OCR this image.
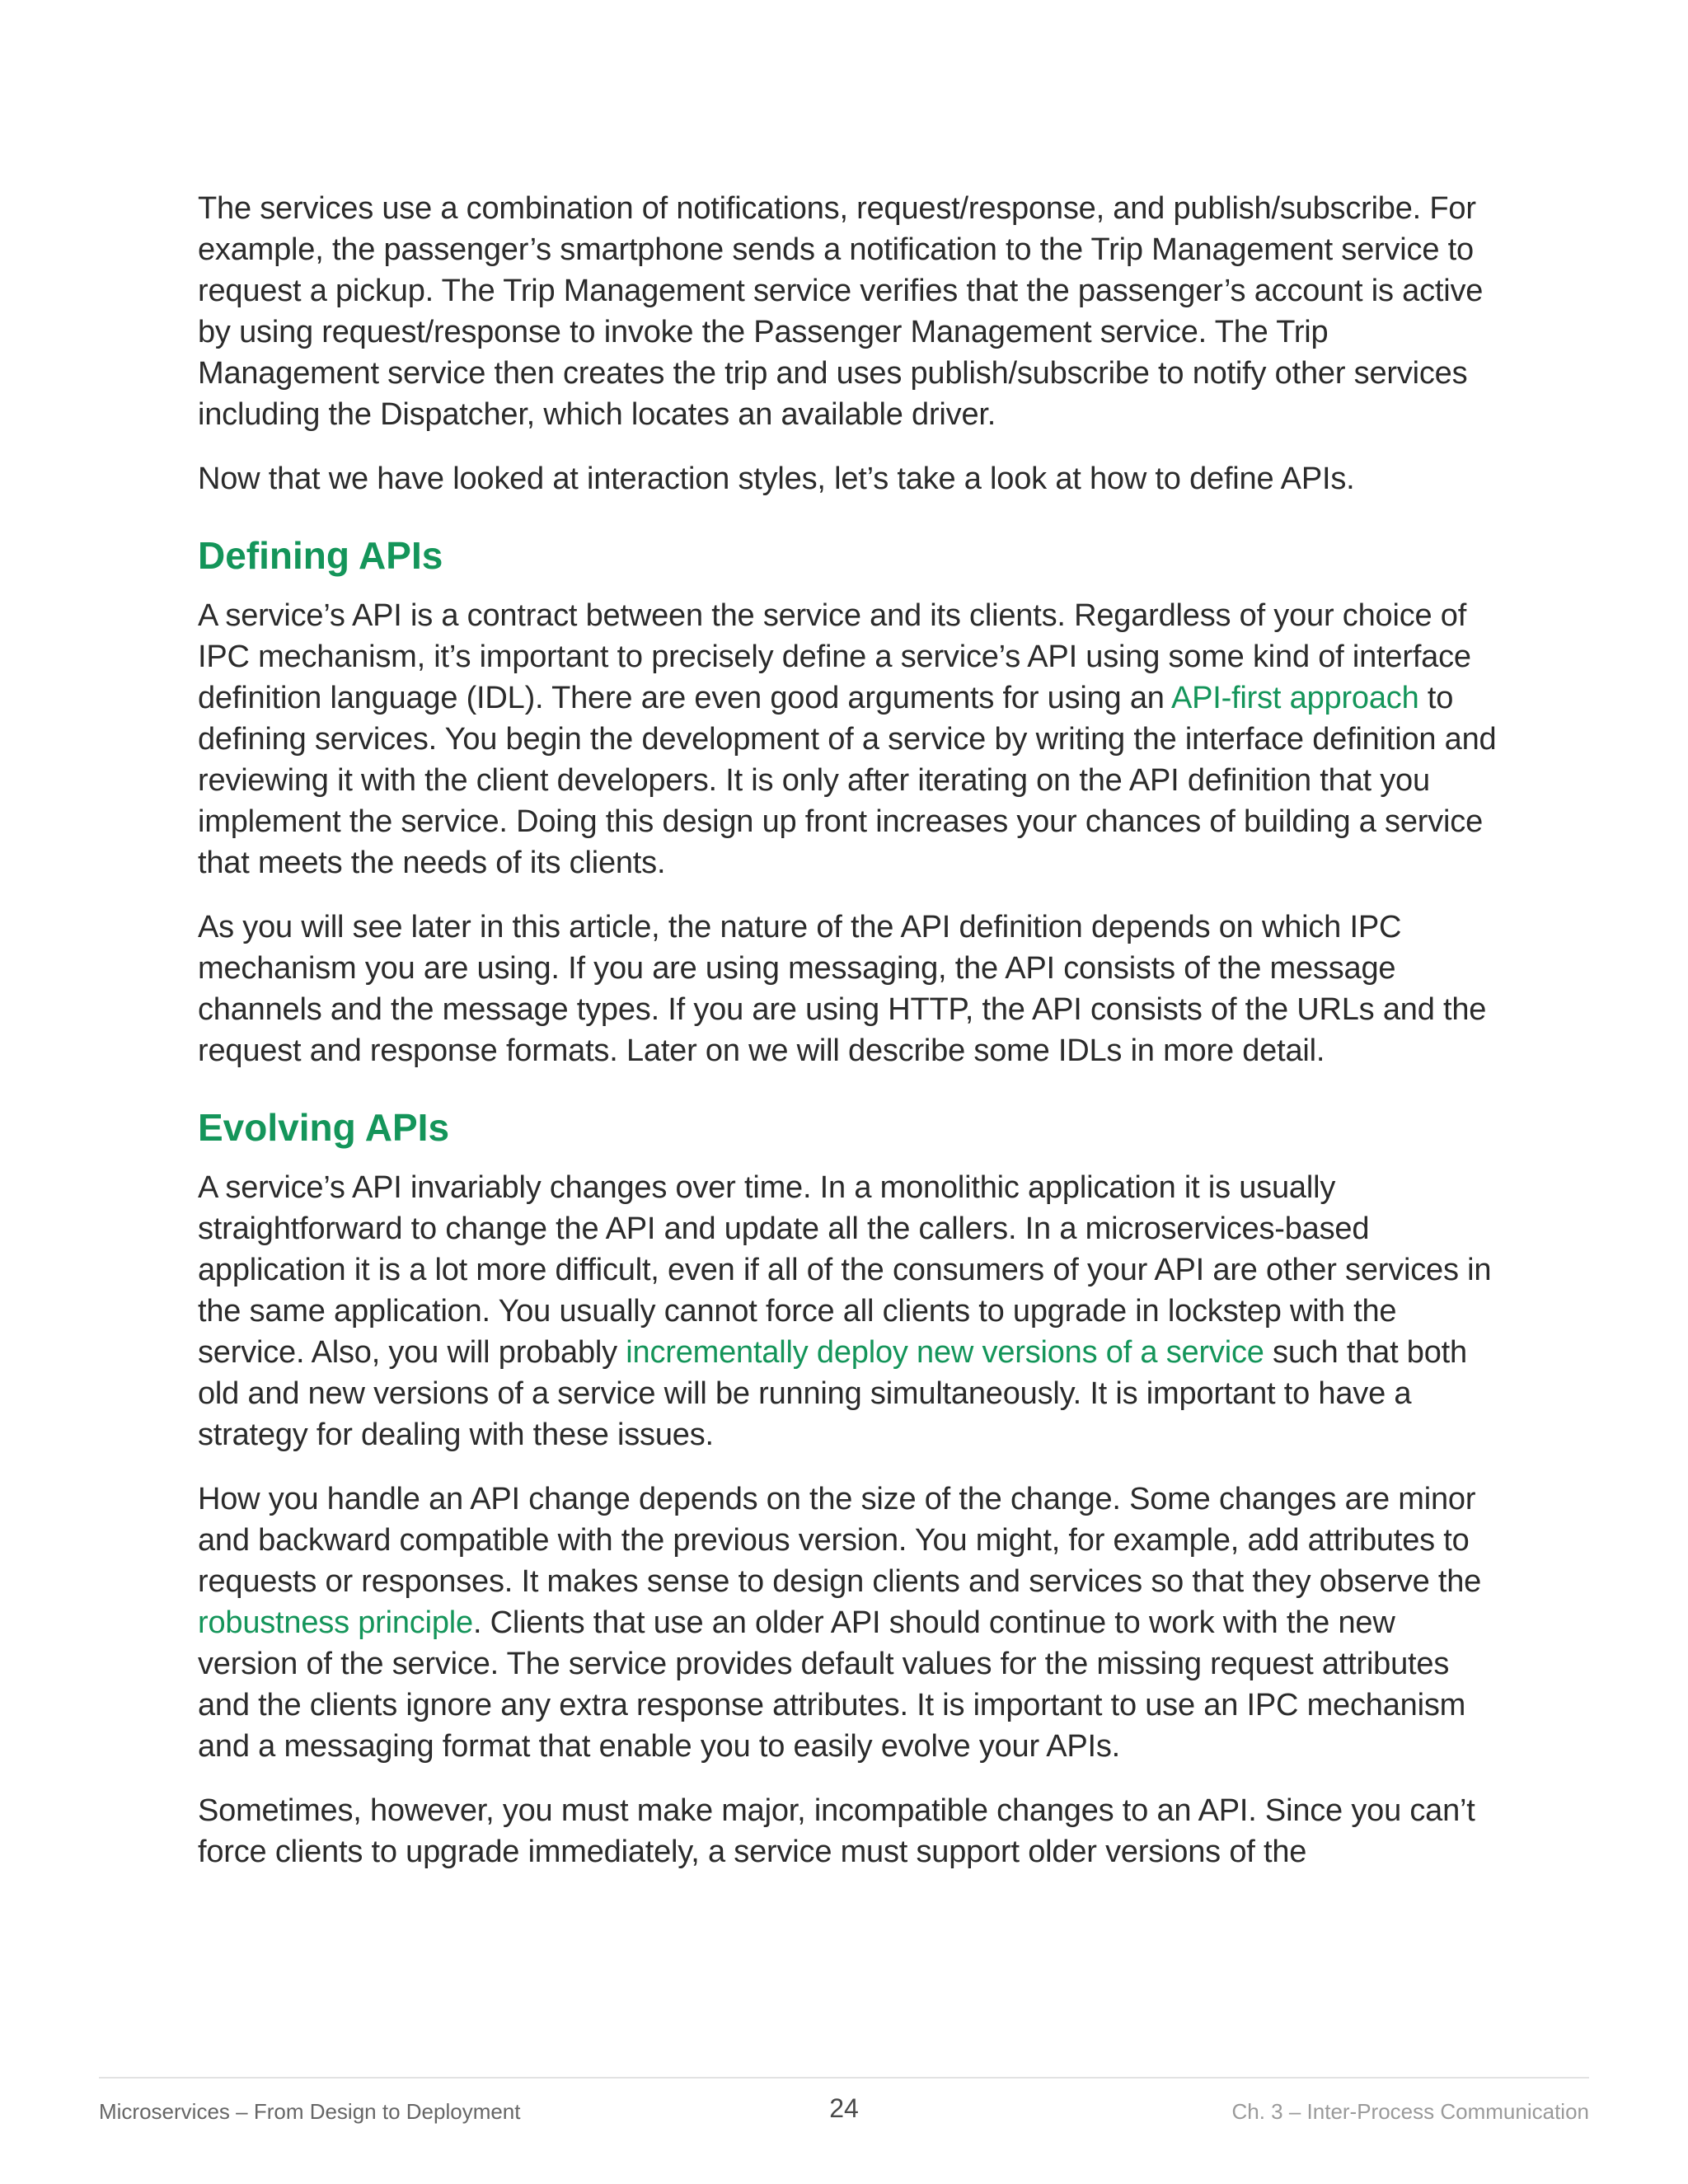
The services use a combination of notifications, request/response, and publish/subscribe. For example, the passenger’s smartphone sends a notification to the Trip Management service to request a pickup. The Trip Management service verifies that the passenger’s account is active by using request/response to invoke the Passenger Management service. The Trip Management service then creates the trip and uses publish/subscribe to notify other services including the Dispatcher, which locates an available driver.

Now that we have looked at interaction styles, let’s take a look at how to define APIs.

Defining APIs

A service’s API is a contract between the service and its clients. Regardless of your choice of IPC mechanism, it’s important to precisely define a service’s API using some kind of interface definition language (IDL). There are even good arguments for using an API-first approach to defining services. You begin the development of a service by writing the interface definition and reviewing it with the client developers. It is only after iterating on the API definition that you implement the service. Doing this design up front increases your chances of building a service that meets the needs of its clients.

As you will see later in this article, the nature of the API definition depends on which IPC mechanism you are using. If you are using messaging, the API consists of the message channels and the message types. If you are using HTTP, the API consists of the URLs and the request and response formats. Later on we will describe some IDLs in more detail.

Evolving APIs

A service’s API invariably changes over time. In a monolithic application it is usually straightforward to change the API and update all the callers. In a microservices-based application it is a lot more difficult, even if all of the consumers of your API are other services in the same application. You usually cannot force all clients to upgrade in lockstep with the service. Also, you will probably incrementally deploy new versions of a service such that both old and new versions of a service will be running simultaneously. It is important to have a strategy for dealing with these issues.

How you handle an API change depends on the size of the change. Some changes are minor and backward compatible with the previous version. You might, for example, add attributes to requests or responses. It makes sense to design clients and services so that they observe the robustness principle. Clients that use an older API should continue to work with the new version of the service. The service provides default values for the missing request attributes and the clients ignore any extra response attributes. It is important to use an IPC mechanism and a messaging format that enable you to easily evolve your APIs.

Sometimes, however, you must make major, incompatible changes to an API. Since you can’t force clients to upgrade immediately, a service must support older versions of the

Microservices – From Design to Deployment	24	Ch. 3 – Inter-Process Communication
